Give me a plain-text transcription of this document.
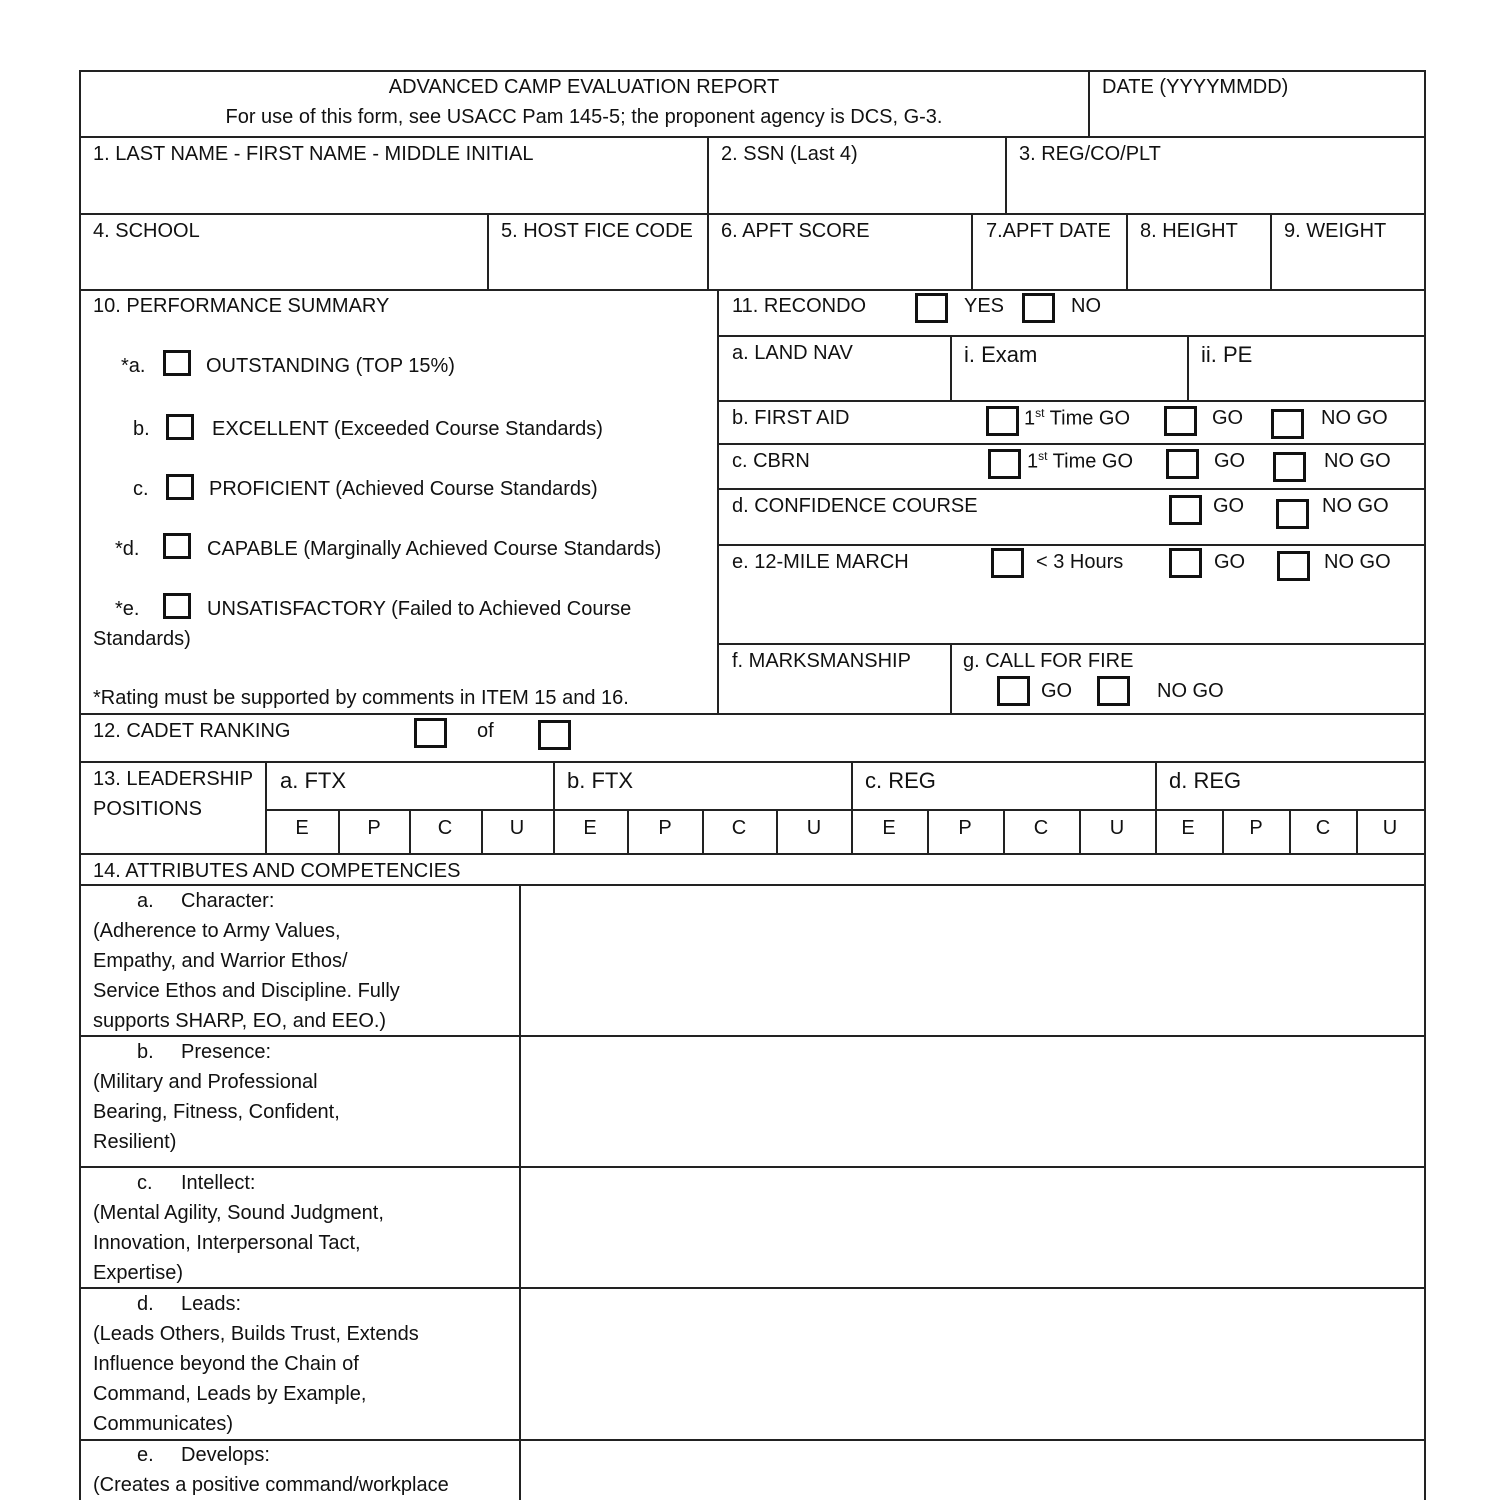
ADVANCED CAMP EVALUATION REPORT
For use of this form, see USACC Pam 145-5; the proponent agency is DCS, G-3.
DATE (YYYYMMDD)
1. LAST NAME - FIRST NAME - MIDDLE INITIAL	2. SSN (Last 4)	3. REG/CO/PLT
4. SCHOOL	5. HOST FICE CODE 6. APFT SCORE	7.APFT DATE 8. HEIGHT 9. WEIGHT
10. PERFORMANCE SUMMARY
*a.	OUTSTANDING (TOP 15%)
b.	EXCELLENT (Exceeded Course Standards)
c.	PROFICIENT (Achieved Course Standards)
*d.	CAPABLE (Marginally Achieved Course Standards)
*e.	UNSATISFACTORY (Failed to Achieved Course
Standards)
*Rating must be supported by comments in ITEM 15 and 16.
11. RECONDO	YES	NO
a. LAND NAV	i. Exam	ii. PE
b. FIRST AID	1st Time GO	GO	NO GO
c. CBRN	1st Time GO	GO	NO GO
d. CONFIDENCE COURSE	GO	NO GO
e. 12-MILE MARCH	< 3 Hours	GO	NO GO
f. MARKSMANSHIP	g. CALL FOR FIRE
GO	NO GO
12. CADET RANKING	of
13. LEADERSHIP
POSITIONS
a. FTX	b. FTX	c. REG	d. REG
E	P	C	U	E	P	C	U	E	P	C	U	E	P	C	U
14. ATTRIBUTES AND COMPETENCIES
a. Character:
(Adherence to Army Values,
Empathy, and Warrior Ethos/
Service Ethos and Discipline. Fully
supports SHARP, EO, and EEO.)
b. Presence:
(Military and Professional
Bearing, Fitness, Confident,
Resilient)
c. Intellect:
(Mental Agility, Sound Judgment,
Innovation, Interpersonal Tact,
Expertise)
d. Leads:
(Leads Others, Builds Trust, Extends
Influence beyond the Chain of
Command, Leads by Example,
Communicates)
e. Develops:
(Creates a positive command/workplace
